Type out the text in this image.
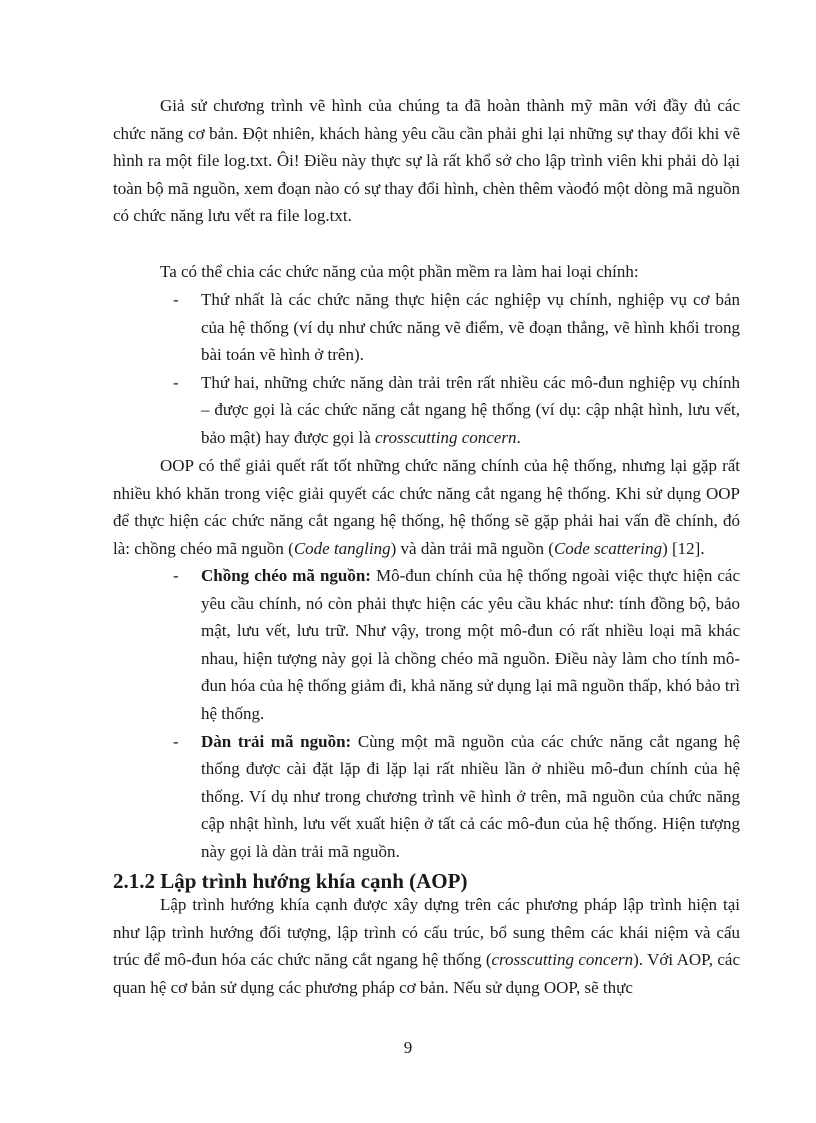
Giả sử chương trình vẽ hình của chúng ta đã hoàn thành mỹ mãn với đầy đủ các chức năng cơ bản. Đột nhiên, khách hàng yêu cầu cần phải ghi lại những sự thay đổi khi vẽ hình ra một file log.txt. Ôi! Điều này thực sự là rất khổ sở cho lập trình viên khi phải dò lại toàn bộ mã nguồn, xem đoạn nào có sự thay đổi hình, chèn thêm vàođó một dòng mã nguồn có chức năng lưu vết ra file log.txt.

Ta có thể chia các chức năng của một phần mềm ra làm hai loại chính:

- Thứ nhất là các chức năng thực hiện các nghiệp vụ chính, nghiệp vụ cơ bản của hệ thống (ví dụ như chức năng vẽ điểm, vẽ đoạn thẳng, vẽ hình khối trong bài toán vẽ hình ở trên).
- Thứ hai, những chức năng dàn trải trên rất nhiều các mô-đun nghiệp vụ chính – được gọi là các chức năng cắt ngang hệ thống (ví dụ: cập nhật hình, lưu vết, bảo mật) hay được gọi là crosscutting concern.

OOP có thể giải quết rất tốt những chức năng chính của hệ thống, nhưng lại gặp rất nhiều khó khăn trong việc giải quyết các chức năng cắt ngang hệ thống. Khi sử dụng OOP để thực hiện các chức năng cắt ngang hệ thống, hệ thống sẽ gặp phải hai vấn đề chính, đó là: chồng chéo mã nguồn (Code tangling) và dàn trải mã nguồn (Code scattering) [12].

- Chồng chéo mã nguồn: Mô-đun chính của hệ thống ngoài việc thực hiện các yêu cầu chính, nó còn phải thực hiện các yêu cầu khác như: tính đồng bộ, bảo mật, lưu vết, lưu trữ. Như vậy, trong một mô-đun có rất nhiều loại mã khác nhau, hiện tượng này gọi là chồng chéo mã nguồn. Điều này làm cho tính mô-đun hóa của hệ thống giảm đi, khả năng sử dụng lại mã nguồn thấp, khó bảo trì hệ thống.
- Dàn trải mã nguồn: Cùng một mã nguồn của các chức năng cắt ngang hệ thống được cài đặt lặp đi lặp lại rất nhiều lần ở nhiều mô-đun chính của hệ thống. Ví dụ như trong chương trình vẽ hình ở trên, mã nguồn của chức năng cập nhật hình, lưu vết xuất hiện ở tất cả các mô-đun của hệ thống. Hiện tượng này gọi là dàn trải mã nguồn.
2.1.2 Lập trình hướng khía cạnh (AOP)

Lập trình hướng khía cạnh được xây dựng trên các phương pháp lập trình hiện tại như lập trình hướng đối tượng, lập trình có cấu trúc, bổ sung thêm các khái niệm và cấu trúc để mô-đun hóa các chức năng cắt ngang hệ thống (crosscutting concern). Với AOP, các quan hệ cơ bản sử dụng các phương pháp cơ bản. Nếu sử dụng OOP, sẽ thực

9
